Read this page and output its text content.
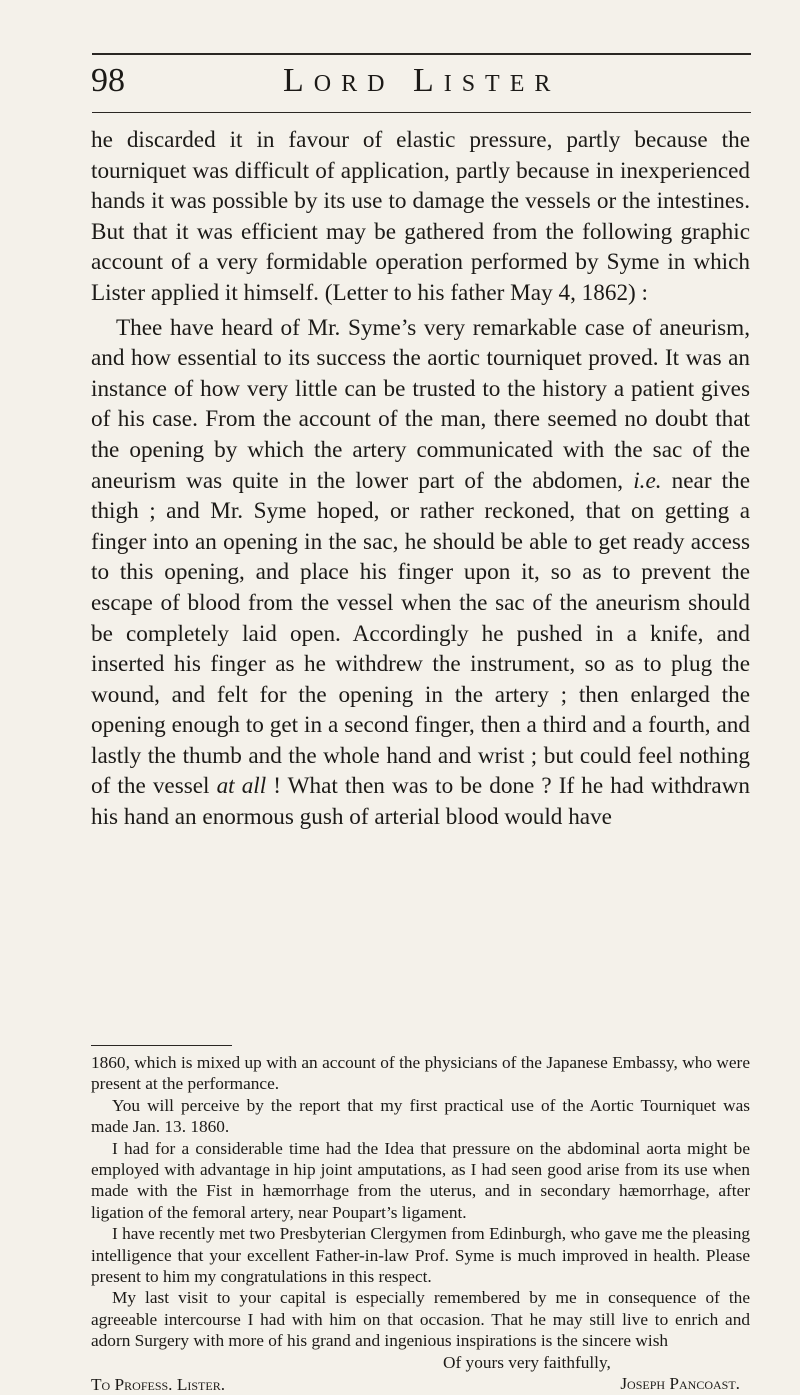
98	Lord Lister

he discarded it in favour of elastic pressure, partly because the tourniquet was difficult of application, partly because in inexperienced hands it was possible by its use to damage the vessels or the intestines. But that it was efficient may be gathered from the following graphic account of a very formidable operation performed by Syme in which Lister applied it himself. (Letter to his father May 4, 1862) :

Thee have heard of Mr. Syme’s very remarkable case of aneurism, and how essential to its success the aortic tourniquet proved. It was an instance of how very little can be trusted to the history a patient gives of his case. From the account of the man, there seemed no doubt that the opening by which the artery communicated with the sac of the aneurism was quite in the lower part of the abdomen, i.e. near the thigh ; and Mr. Syme hoped, or rather reckoned, that on getting a finger into an opening in the sac, he should be able to get ready access to this opening, and place his finger upon it, so as to prevent the escape of blood from the vessel when the sac of the aneurism should be completely laid open. Accordingly he pushed in a knife, and inserted his finger as he withdrew the instrument, so as to plug the wound, and felt for the opening in the artery ; then enlarged the opening enough to get in a second finger, then a third and a fourth, and lastly the thumb and the whole hand and wrist ; but could feel nothing of the vessel at all ! What then was to be done ? If he had withdrawn his hand an enormous gush of arterial blood would have

1860, which is mixed up with an account of the physicians of the Japanese Embassy, who were present at the performance.

You will perceive by the report that my first practical use of the Aortic Tourniquet was made Jan. 13. 1860.

I had for a considerable time had the Idea that pressure on the abdominal aorta might be employed with advantage in hip joint amputations, as I had seen good arise from its use when made with the Fist in hæmorrhage from the uterus, and in secondary hæmorrhage, after ligation of the femoral artery, near Poupart’s ligament.

I have recently met two Presbyterian Clergymen from Edinburgh, who gave me the pleasing intelligence that your excellent Father-in-law Prof. Syme is much improved in health. Please present to him my congratulations in this respect.

My last visit to your capital is especially remembered by me in consequence of the agreeable intercourse I had with him on that occasion. That he may still live to enrich and adorn Surgery with more of his grand and ingenious inspirations is the sincere wish

Of yours very faithfully,

Joseph Pancoast.

To Profess. Lister.
